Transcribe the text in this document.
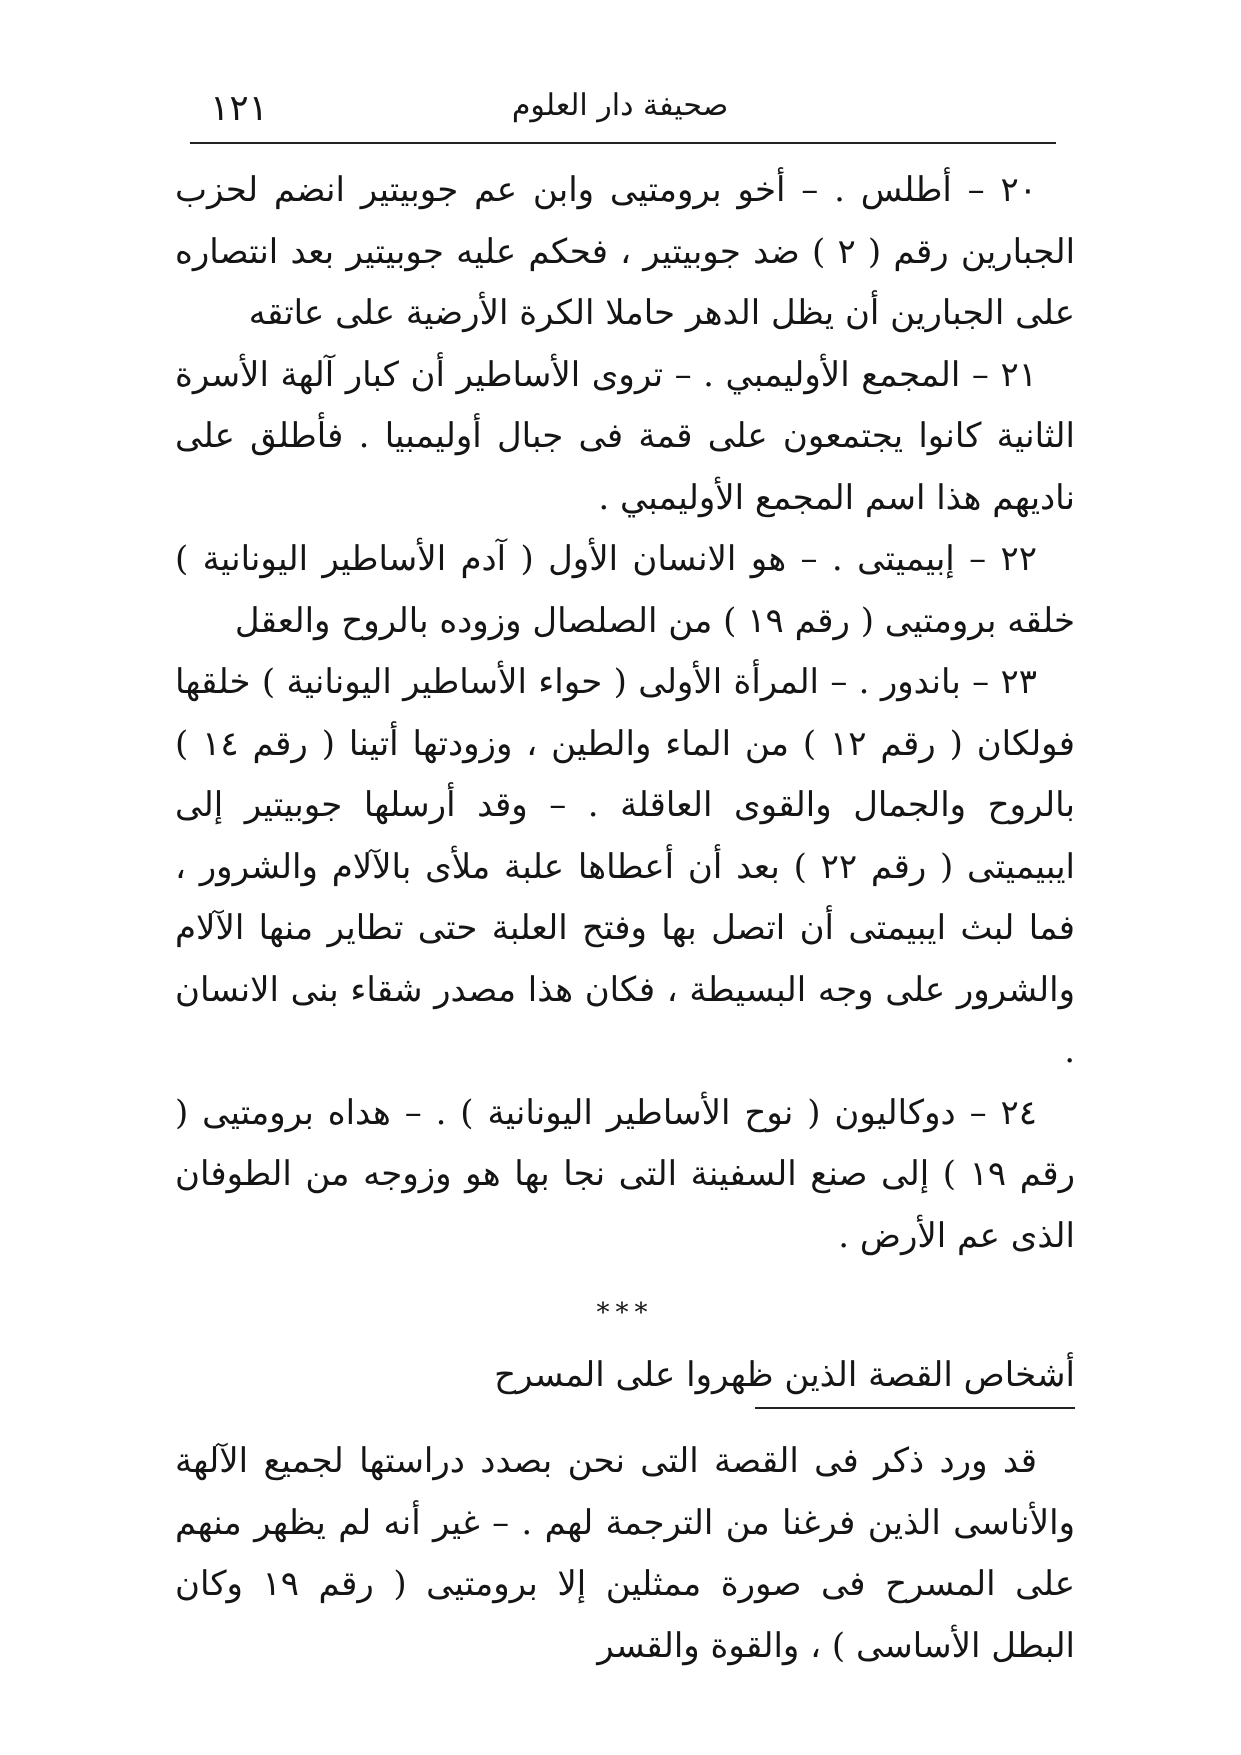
١٢١	صحيفة دار العلوم

٢٠ – أطلس . – أخو برومتيى وابن عم جوبيتير انضم لحزب الجبارين رقم ( ٢ ) ضد جوبيتير ، فحكم عليه جوبيتير بعد انتصاره على الجبارين أن يظل الدهر حاملا الكرة الأرضية على عاتقه

٢١ – المجمع الأوليمبي . – تروى الأساطير أن كبار آلهة الأسرة الثانية كانوا يجتمعون على قمة فى جبال أوليمبيا . فأطلق على ناديهم هذا اسم المجمع الأوليمبي .

٢٢ – إبيميتى . – هو الانسان الأول ( آدم الأساطير اليونانية ) خلقه برومتيى ( رقم ١٩ ) من الصلصال وزوده بالروح والعقل

٢٣ – باندور . – المرأة الأولى ( حواء الأساطير اليونانية ) خلقها فولكان ( رقم ١٢ ) من الماء والطين ، وزودتها أتينا ( رقم ١٤ ) بالروح والجمال والقوى العاقلة . – وقد أرسلها جوبيتير إلى ايبيميتى ( رقم ٢٢ ) بعد أن أعطاها علبة ملأى بالآلام والشرور ، فما لبث ايبيمتى أن اتصل بها وفتح العلبة حتى تطاير منها الآلام والشرور على وجه البسيطة ، فكان هذا مصدر شقاء بنى الانسان .

٢٤ – دوكاليون ( نوح الأساطير اليونانية ) . – هداه برومتيى ( رقم ١٩ ) إلى صنع السفينة التى نجا بها هو وزوجه من الطوفان الذى عم الأرض .

***
أشخاص القصة الذين ظهروا على المسرح

قد ورد ذكر فى القصة التى نحن بصدد دراستها لجميع الآلهة والأناسى الذين فرغنا من الترجمة لهم . – غير أنه لم يظهر منهم على المسرح فى صورة ممثلين إلا برومتيى ( رقم ١٩ وكان البطل الأساسى ) ، والقوة والقسر
